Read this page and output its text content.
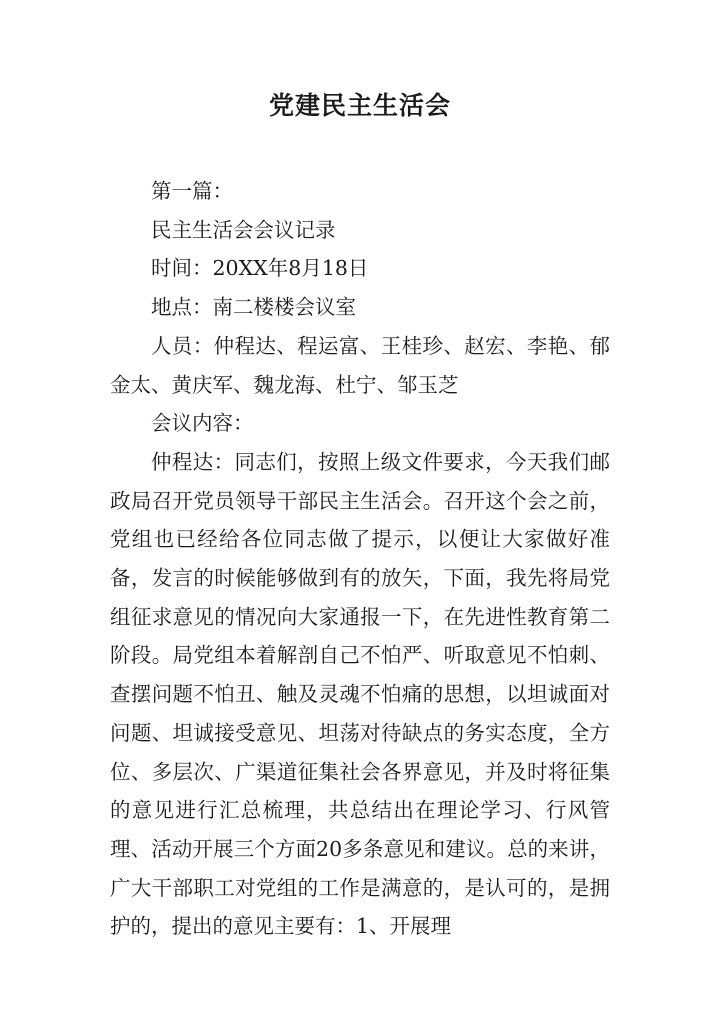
党建民主生活会

第一篇：

民主生活会会议记录

时间：20XX年8月18日

地点：南二楼楼会议室

人员：仲程达、程运富、王桂珍、赵宏、李艳、郁金太、黄庆军、魏龙海、杜宁、邹玉芝

会议内容：

仲程达：同志们，按照上级文件要求，今天我们邮政局召开党员领导干部民主生活会。召开这个会之前，党组也已经给各位同志做了提示，以便让大家做好准备，发言的时候能够做到有的放矢，下面，我先将局党组征求意见的情况向大家通报一下，在先进性教育第二阶段。局党组本着解剖自己不怕严、听取意见不怕刺、查摆问题不怕丑、触及灵魂不怕痛的思想，以坦诚面对问题、坦诚接受意见、坦荡对待缺点的务实态度，全方位、多层次、广渠道征集社会各界意见，并及时将征集的意见进行汇总梳理，共总结出在理论学习、行风管理、活动开展三个方面20多条意见和建议。总的来讲，广大干部职工对党组的工作是满意的，是认可的，是拥护的，提出的意见主要有：1、开展理
